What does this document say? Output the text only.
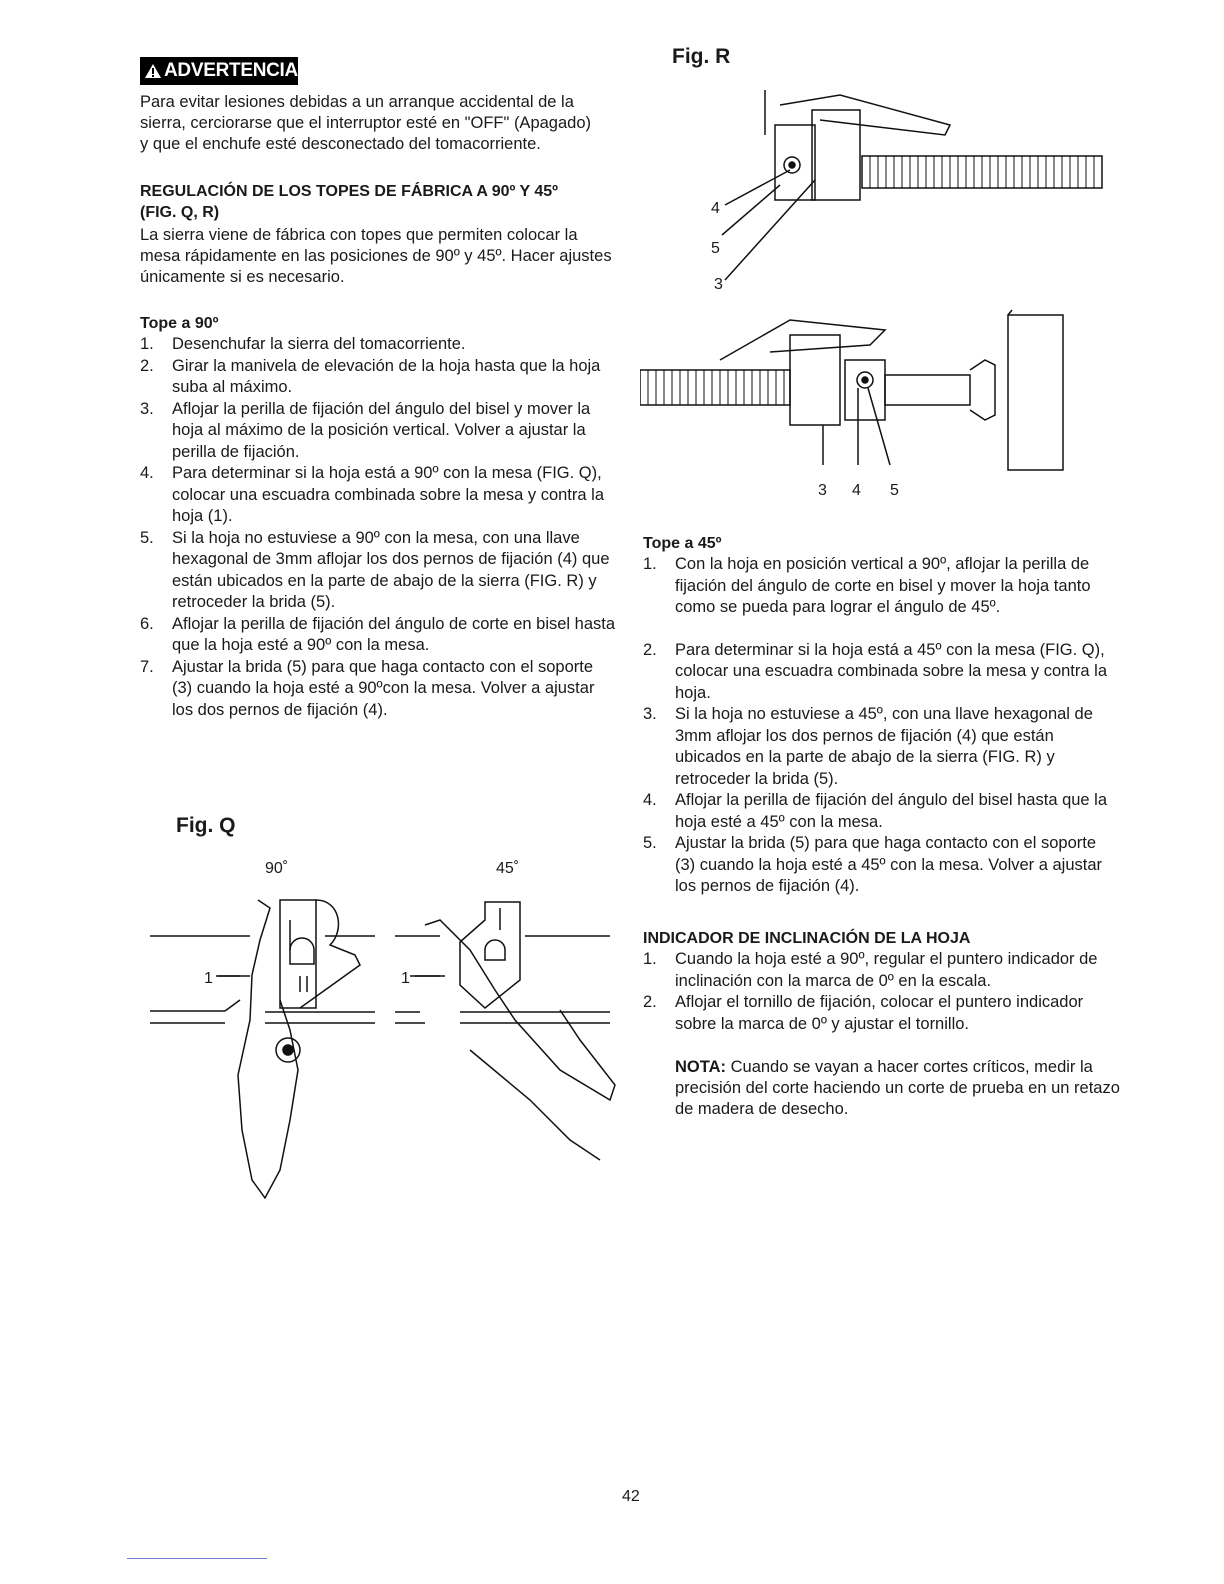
ADVERTENCIA
Para evitar lesiones debidas a un arranque accidental de la
sierra, cerciorarse que el interruptor esté en "OFF" (Apagado)
y que el enchufe esté desconectado del tomacorriente.
REGULACIÓN DE LOS TOPES DE FÁBRICA A 90º Y 45º
(FIG. Q, R)
La sierra viene de fábrica con topes que permiten colocar la
mesa rápidamente en las posiciones de 90º y 45º. Hacer ajustes
únicamente si es necesario.
Tope a 90º
1. Desenchufar la sierra del tomacorriente.
2. Girar la manivela de elevación de la hoja hasta que la hoja
suba al máximo.
3. Aflojar la perilla de fijación del ángulo del bisel y mover la
hoja al máximo de la posición vertical. Volver a ajustar la
perilla de fijación.
4. Para determinar si la hoja está a 90º con la mesa (FIG. Q),
colocar una escuadra combinada sobre la mesa y contra la
hoja (1).
5. Si la hoja no estuviese a 90º con la mesa, con una llave
hexagonal de 3mm aflojar los dos pernos de fijación (4) que
están ubicados en la parte de abajo de la sierra (FIG. R) y
retroceder la brida (5).
6. Aflojar la perilla de fijación del ángulo de corte en bisel hasta
que la hoja esté a 90º con la mesa.
7. Ajustar la brida (5) para que haga contacto con el soporte
(3) cuando la hoja esté a 90ºcon la mesa. Volver a ajustar
los dos pernos de fijación (4).
Fig. Q
90˚	45˚
1	1
Fig. R
4
5
3
3 4 5
Tope a 45º
1. Con la hoja en posición vertical a 90º, aflojar la perilla de
fijación del ángulo de corte en bisel y mover la hoja tanto
como se pueda para lograr el ángulo de 45º.
2. Para determinar si la hoja está a 45º con la mesa (FIG. Q),
colocar una escuadra combinada sobre la mesa y contra la
hoja.
3. Si la hoja no estuviese a 45º, con una llave hexagonal de
3mm aflojar los dos pernos de fijación (4) que están
ubicados en la parte de abajo de la sierra (FIG. R) y
retroceder la brida (5).
4. Aflojar la perilla de fijación del ángulo del bisel hasta que la
hoja esté a 45º con la mesa.
5. Ajustar la brida (5) para que haga contacto con el soporte
(3) cuando la hoja esté a 45º con la mesa. Volver a ajustar
los pernos de fijación (4).
INDICADOR DE INCLINACIÓN DE LA HOJA
1. Cuando la hoja esté a 90º, regular el puntero indicador de
inclinación con la marca de 0º en la escala.
2. Aflojar el tornillo de fijación, colocar el puntero indicador
sobre la marca de 0º y ajustar el tornillo.
NOTA: Cuando se vayan a hacer cortes críticos, medir la
precisión del corte haciendo un corte de prueba en un retazo
de madera de desecho.
42
